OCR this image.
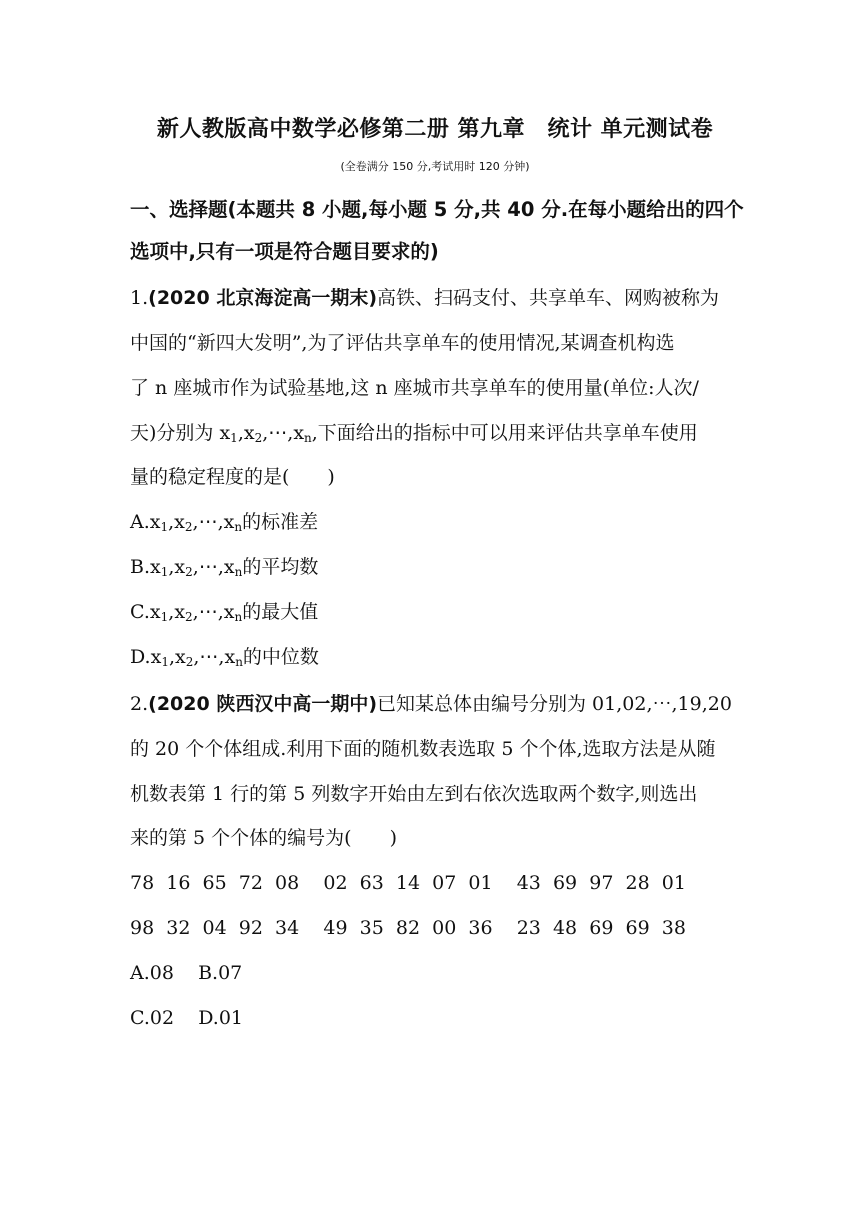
新人教版高中数学必修第二册 第九章　统计 单元测试卷
(全卷满分 150 分,考试用时 120 分钟)
一、选择题(本题共 8 小题,每小题 5 分,共 40 分.在每小题给出的四个
选项中,只有一项是符合题目要求的)
1.(2020 北京海淀高一期末)高铁、扫码支付、共享单车、网购被称为
中国的“新四大发明”,为了评估共享单车的使用情况,某调查机构选
了 n 座城市作为试验基地,这 n 座城市共享单车的使用量(单位:人次/
天)分别为 $x_1,x_2,\cdots,x_n$,下面给出的指标中可以用来评估共享单车使用
量的稳定程度的是(　　)
$A.x_1,x_2,\cdots,x_n$的标准差
$B.x_1,x_2,\cdots,x_n$的平均数
$C.x_1,x_2,\cdots,x_n$的最大值
$D.x_1,x_2,\cdots,x_n$的中位数
2.(2020 陕西汉中高一期中)已知某总体由编号分别为 01,02,⋯,19,20
的 20 个个体组成.利用下面的随机数表选取 5 个个体,选取方法是从随
机数表第 1 行的第 5 列数字开始由左到右依次选取两个数字,则选出
来的第 5 个个体的编号为(　　)
78  16  65  72  08    02  63  14  07  01    43  69  97  28  01
98  32  04  92  34    49  35  82  00  36    23  48  69  69  38
A.08    B.07
C.02    D.01
